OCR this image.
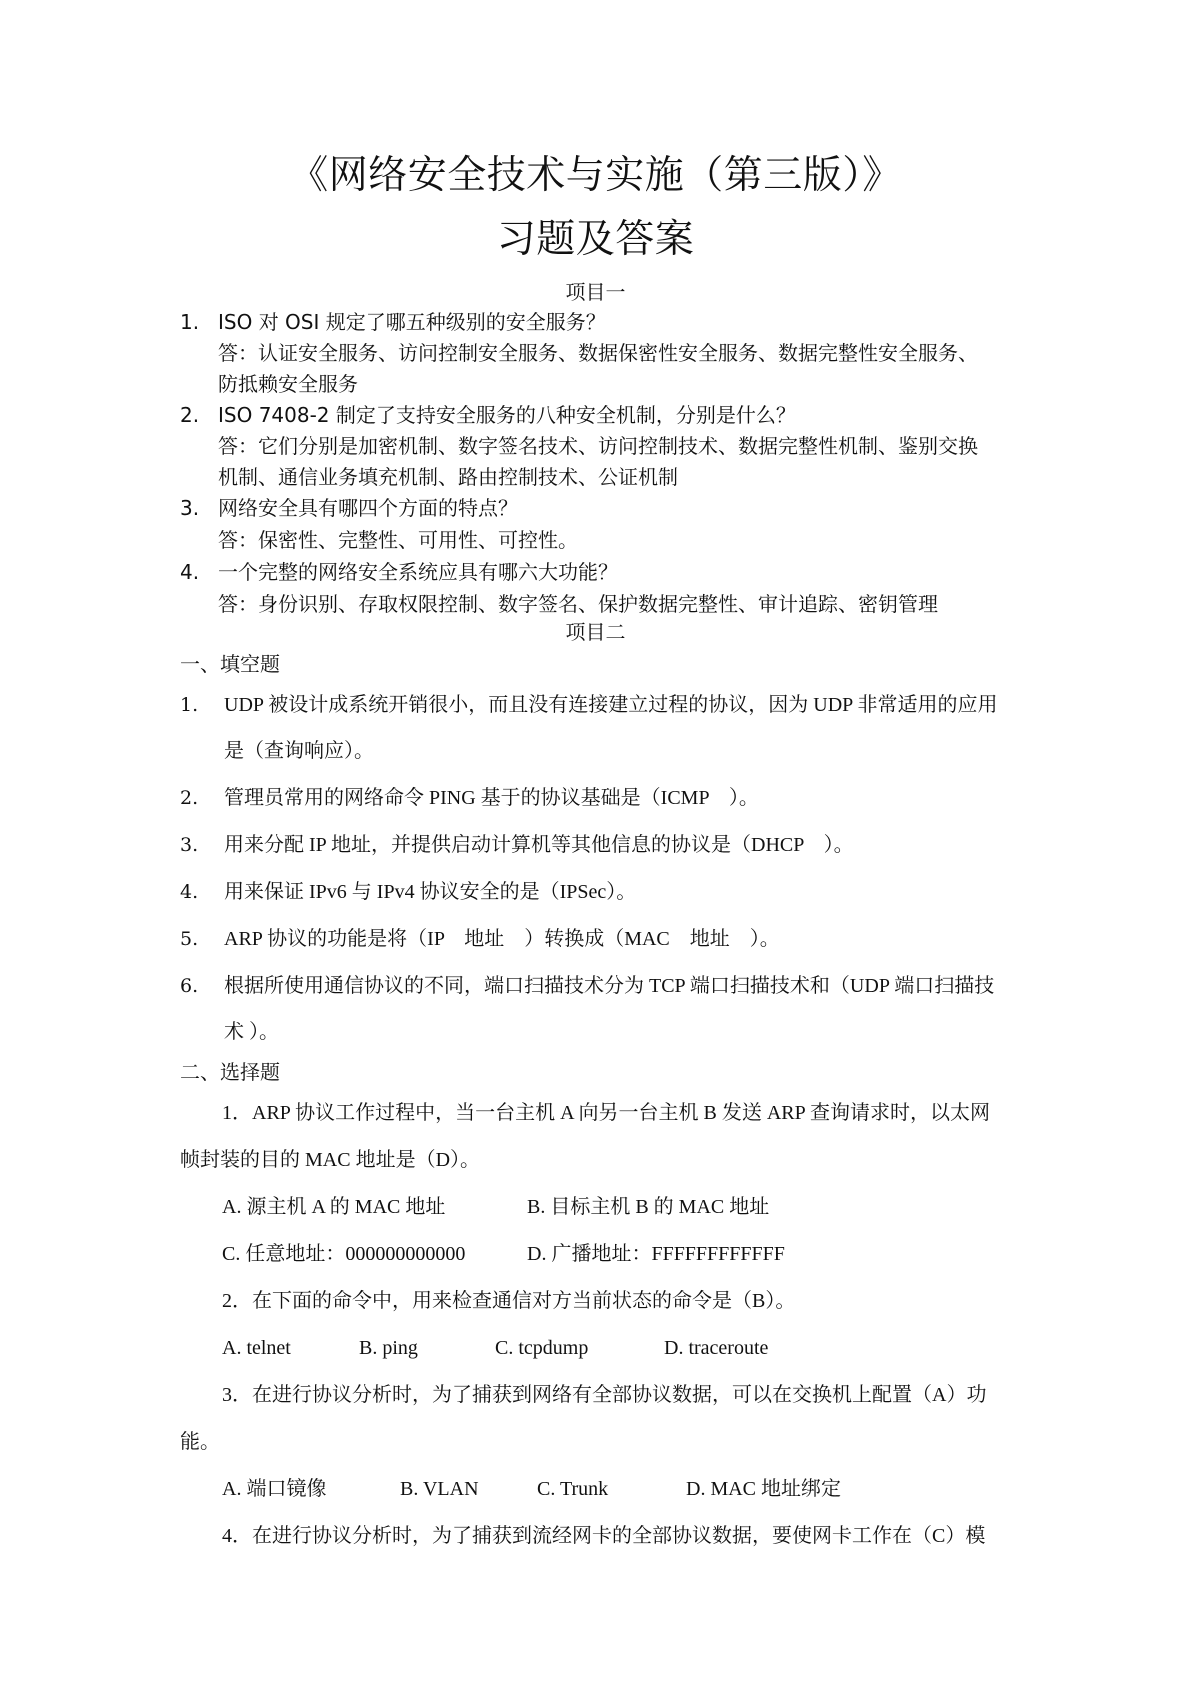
《网络安全技术与实施（第三版）》
习题及答案
项目一
1. ISO 对 OSI 规定了哪五种级别的安全服务？
答：认证安全服务、访问控制安全服务、数据保密性安全服务、数据完整性安全服务、
防抵赖安全服务
2. ISO 7408-2 制定了支持安全服务的八种安全机制，分别是什么？
答：它们分别是加密机制、数字签名技术、访问控制技术、数据完整性机制、鉴别交换
机制、通信业务填充机制、路由控制技术、公证机制
3. 网络安全具有哪四个方面的特点？
答：保密性、完整性、可用性、可控性。
4. 一个完整的网络安全系统应具有哪六大功能？
答：身份识别、存取权限控制、数字签名、保护数据完整性、审计追踪、密钥管理
项目二
一、填空题
1. UDP 被设计成系统开销很小，而且没有连接建立过程的协议，因为 UDP 非常适用的应用
是（查询响应）。
2. 管理员常用的网络命令 PING 基于的协议基础是（ICMP　）。
3. 用来分配 IP 地址，并提供启动计算机等其他信息的协议是（DHCP　）。
4. 用来保证 IPv6 与 IPv4 协议安全的是（IPSec）。
5. ARP 协议的功能是将（IP　地址　）转换成（MAC　地址　）。
6. 根据所使用通信协议的不同，端口扫描技术分为 TCP 端口扫描技术和（UDP 端口扫描技
术 ）。
二、选择题
1．ARP 协议工作过程中，当一台主机 A 向另一台主机 B 发送 ARP 查询请求时，以太网
帧封装的目的 MAC 地址是（D）。
A. 源主机 A 的 MAC 地址	B. 目标主机 B 的 MAC 地址
C. 任意地址：000000000000	D. 广播地址：FFFFFFFFFFFF
2．在下面的命令中，用来检查通信对方当前状态的命令是（B）。
A. telnet	B. ping	C. tcpdump	D. traceroute
3．在进行协议分析时，为了捕获到网络有全部协议数据，可以在交换机上配置（A）功
能。
A. 端口镜像	B. VLAN	C. Trunk	D. MAC 地址绑定
4．在进行协议分析时，为了捕获到流经网卡的全部协议数据，要使网卡工作在（C）模
